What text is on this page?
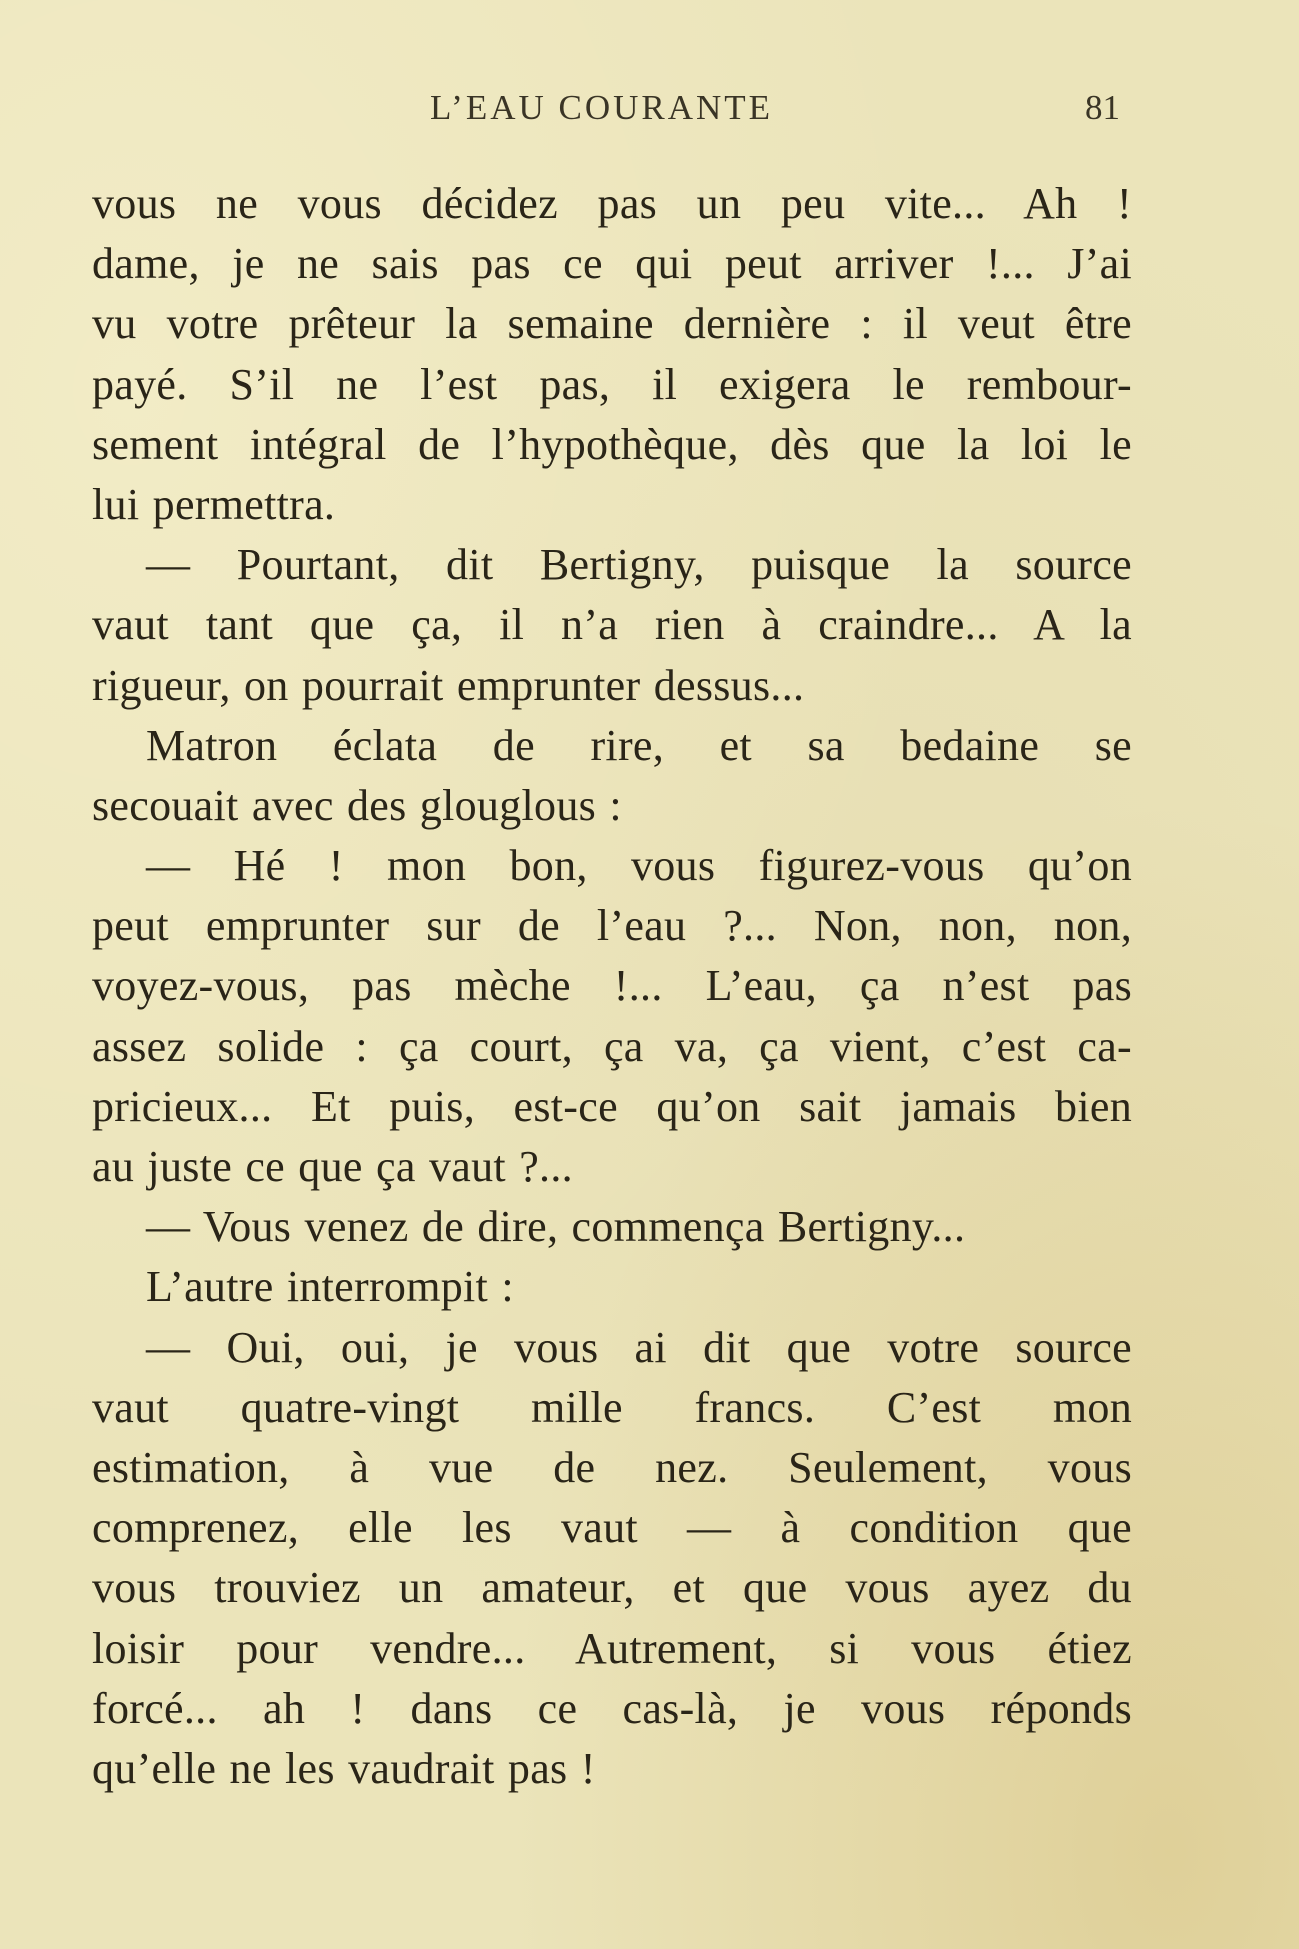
L’EAU COURANTE	81
vous ne vous décidez pas un peu vite... Ah !
dame, je ne sais pas ce qui peut arriver !... J’ai
vu votre prêteur la semaine dernière : il veut être
payé. S’il ne l’est pas, il exigera le rembour-
sement intégral de l’hypothèque, dès que la loi le
lui permettra.
— Pourtant, dit Bertigny, puisque la source
vaut tant que ça, il n’a rien à craindre... A la
rigueur, on pourrait emprunter dessus...
Matron éclata de rire, et sa bedaine se
secouait avec des glouglous :
— Hé ! mon bon, vous figurez-vous qu’on
peut emprunter sur de l’eau ?... Non, non, non,
voyez-vous, pas mèche !... L’eau, ça n’est pas
assez solide : ça court, ça va, ça vient, c’est ca-
pricieux... Et puis, est-ce qu’on sait jamais bien
au juste ce que ça vaut ?...
— Vous venez de dire, commença Bertigny...
L’autre interrompit :
— Oui, oui, je vous ai dit que votre source
vaut quatre-vingt mille francs. C’est mon
estimation, à vue de nez. Seulement, vous
comprenez, elle les vaut — à condition que
vous trouviez un amateur, et que vous ayez du
loisir pour vendre... Autrement, si vous étiez
forcé... ah ! dans ce cas-là, je vous réponds
qu’elle ne les vaudrait pas !
